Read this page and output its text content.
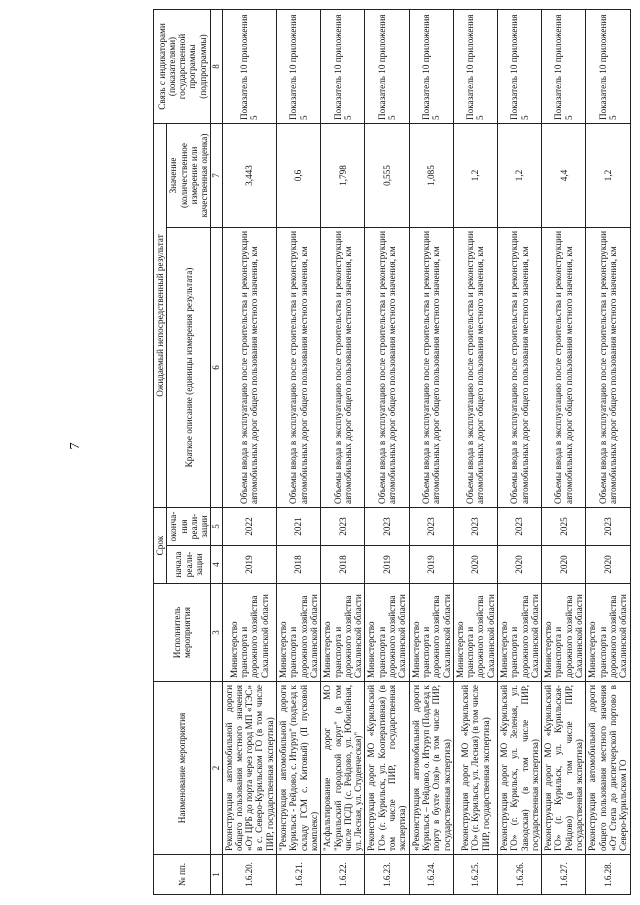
7
№ пп.	Наименование мероприятия	Исполнитель мероприятия	Срок		Ожидаемый непосредственный результат		Связь с индикаторами (показателями) государственной программы (подпрограммы)
			начала реали-зации	оконча-ния реали-зации	Краткое описание (единицы измерения результата)	Значение (количественное измерение или качественная оценка)	
1	2	3	4	5	6	7	8
1.6.20.	Реконструкция автомобильной дороги общего пользования местного значения «От ЦРБ до порта через город МП «ТЭС» в с. Северо-Курильском ГО (в том числе ПИР, государственная экспертиза)	Министерство транспорта и дорожного хозяйства Сахалинской области	2019	2022	Объемы ввода в эксплуатацию после строительства и реконструкции автомобильных дорог общего пользования местного значения, км	3,443	Показатель 10 приложения 5
1.6.21.	"Реконструкция автомобильной дороги Курильск - Рейдово, с. Итуруп" (подъезд к складу ГСМ с. Китовый) (II пусковой комплекс)	Министерство транспорта и дорожного хозяйства Сахалинской области	2018	2021	Объемы ввода в эксплуатацию после строительства и реконструкции автомобильных дорог общего пользования местного значения, км	0,6	Показатель 10 приложения 5
1.6.22.	"Асфальтирование дорог МО "Курильский городской округ" (в том числе ПСД) (с. Рейдово, ул. Юбилейная, ул. Лесная, ул. Студенческая)"	Министерство транспорта и дорожного хозяйства Сахалинской области	2018	2023	Объемы ввода в эксплуатацию после строительства и реконструкции автомобильных дорог общего пользования местного значения, км	1,798	Показатель 10 приложения 5
1.6.23.	Реконструкция дорог МО «Курильский ГО» (г. Курильск, ул. Кооперативная) (в том числе ПИР, государственная экспертиза)	Министерство транспорта и дорожного хозяйства Сахалинской области	2019	2023	Объемы ввода в эксплуатацию после строительства и реконструкции автомобильных дорог общего пользования местного значения, км	0,555	Показатель 10 приложения 5
1.6.24.	«Реконструкция автомобильной дороги Курильск – Рейдово, о. Итуруп (Подъезд к порту в бухте Оля)» (в том числе ПИР, государственная экспертиза)	Министерство транспорта и дорожного хозяйства Сахалинской области	2019	2023	Объемы ввода в эксплуатацию после строительства и реконструкции автомобильных дорог общего пользования местного значения, км	1,085	Показатель 10 приложения 5
1.6.25.	Реконструкция дорог МО «Курильский ГО» (г. Курильск, ул. Лесная) (в том числе ПИР, государственная экспертиза)	Министерство транспорта и дорожного хозяйства Сахалинской области	2020	2023	Объемы ввода в эксплуатацию после строительства и реконструкции автомобильных дорог общего пользования местного значения, км	1,2	Показатель 10 приложения 5
1.6.26.	Реконструкция дорог МО «Курильский ГО» (г. Курильск, ул. Зеленая, ул. Заводская) (в том числе ПИР, государственная экспертиза)	Министерство транспорта и дорожного хозяйства Сахалинской области	2020	2023	Объемы ввода в эксплуатацию после строительства и реконструкции автомобильных дорог общего пользования местного значения, км	1,2	Показатель 10 приложения 5
1.6.27.	Реконструкция дорог МО «Курильский ГО» (г. Курильск, ул. Курильская-Рейдово) (в том числе ПИР, государственная экспертиза)	Министерство транспорта и дорожного хозяйства Сахалинской области	2020	2025	Объемы ввода в эксплуатацию после строительства и реконструкции автомобильных дорог общего пользования местного значения, км	4,4	Показатель 10 приложения 5
1.6.28.	Реконструкция автомобильной дороги общего пользования местного значения «От Степа до диспетчерской портово в Северо-Курильском ГО	Министерство транспорта и дорожного хозяйства Сахалинской области	2020	2023	Объемы ввода в эксплуатацию после строительства и реконструкции автомобильных дорог общего пользования местного значения, км	1,2	Показатель 10 приложения 5
